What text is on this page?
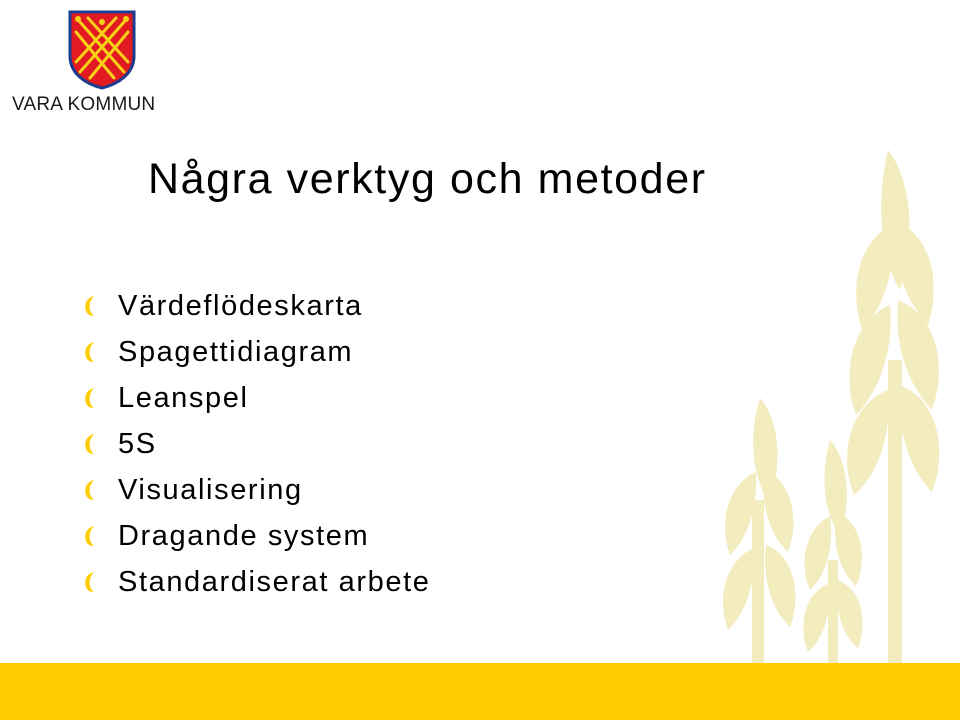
VARA KOMMUN
Några verktyg och metoder
Värdeflödeskarta
Spagettidiagram
Leanspel
5S
Visualisering
Dragande system
Standardiserat arbete
